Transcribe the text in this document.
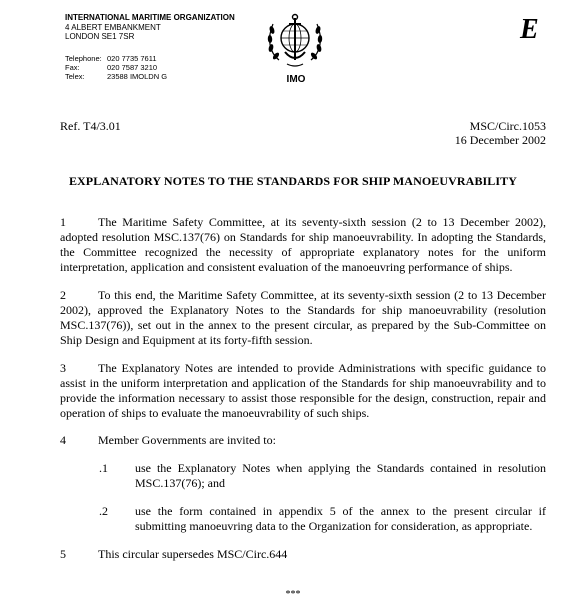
INTERNATIONAL MARITIME ORGANIZATION
4 ALBERT EMBANKMENT
LONDON SE1 7SR
Telephone: 020 7735 7611
Fax:	020 7587 3210
Telex:	23588 IMOLDN G	IMO
E
Ref. T4/3.01	MSC/Circ.1053
16 December 2002
EXPLANATORY NOTES TO THE STANDARDS FOR SHIP MANOEUVRABILITY
1	The Maritime Safety Committee, at its seventy-sixth session (2 to 13 December 2002), adopted resolution MSC.137(76) on Standards for ship manoeuvrability. In adopting the Standards, the Committee recognized the necessity of appropriate explanatory notes for the uniform interpretation, application and consistent evaluation of the manoeuvring performance of ships.
2	To this end, the Maritime Safety Committee, at its seventy-sixth session (2 to 13 December 2002), approved the Explanatory Notes to the Standards for ship manoeuvrability (resolution MSC.137(76)), set out in the annex to the present circular, as prepared by the Sub-Committee on Ship Design and Equipment at its forty-fifth session.
3	The Explanatory Notes are intended to provide Administrations with specific guidance to assist in the uniform interpretation and application of the Standards for ship manoeuvrability and to provide the information necessary to assist those responsible for the design, construction, repair and operation of ships to evaluate the manoeuvrability of such ships.
4	Member Governments are invited to:
.1	use the Explanatory Notes when applying the Standards contained in resolution MSC.137(76); and
.2	use the form contained in appendix 5 of the annex to the present circular if submitting manoeuvring data to the Organization for consideration, as appropriate.
5	This circular supersedes MSC/Circ.644
***
